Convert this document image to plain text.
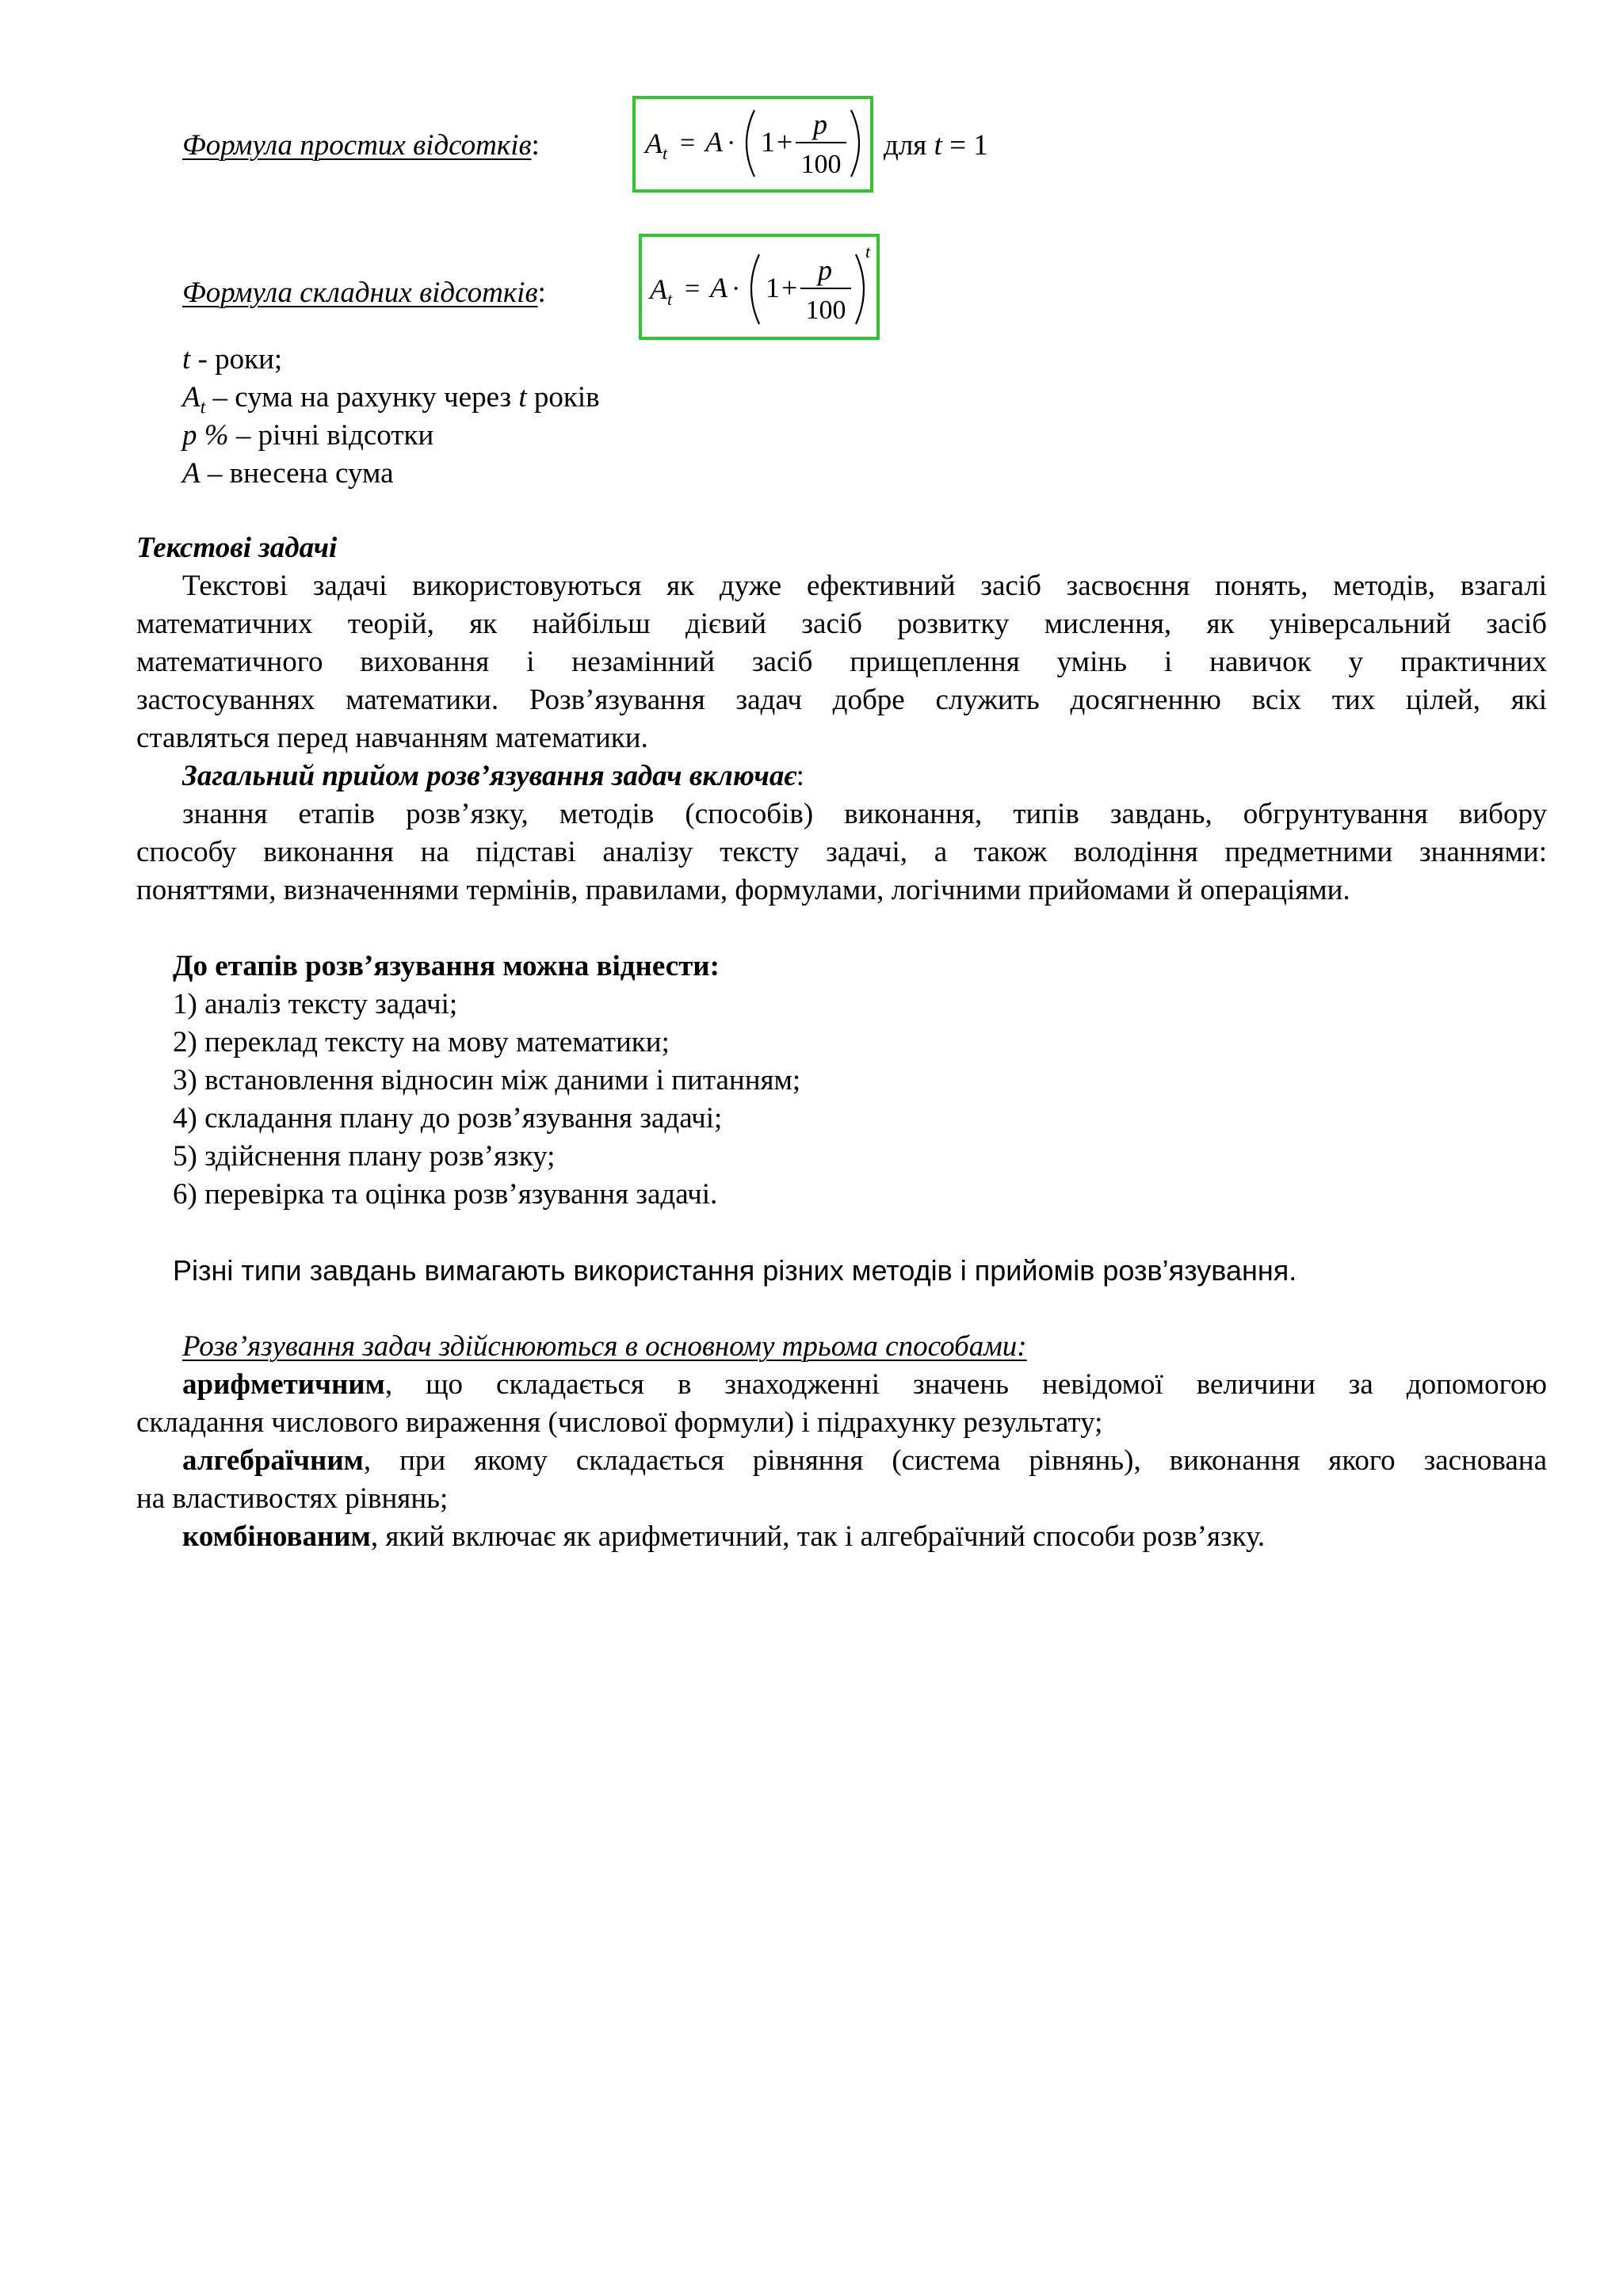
Формула простих відсотків:	A t = A · 1 +
p
100
для t = 1
Формула складних відсотків:	A t = A · 1 +
p
100
t
t - роки;
$A_t$ – сума на рахунку через t років
p % – річні відсотки
A – внесена сума
Текстові задачі
Текстові задачі використовуються як дуже ефективний засіб засвоєння понять, методів, взагалі
математичних теорій, як найбільш дієвий засіб розвитку мислення, як універсальний засіб
математичного виховання і незамінний засіб прищеплення умінь і навичок у практичних
застосуваннях математики. Розв’язування задач добре служить досягненню всіх тих цілей, які
ставляться перед навчанням математики.
Загальний прийом розв’язування задач включає:
знання етапів розв’язку, методів (способів) виконання, типів завдань, обгрунтування вибору
способу виконання на підставі аналізу тексту задачі, а також володіння предметними знаннями:
поняттями, визначеннями термінів, правилами, формулами, логічними прийомами й операціями.
До етапів розв’язування можна віднести:
1) аналіз тексту задачі;
2) переклад тексту на мову математики;
3) встановлення відносин між даними і питанням;
4) складання плану до розв’язування задачі;
5) здійснення плану розв’язку;
6) перевірка та оцінка розв’язування задачі.
Різні типи завдань вимагають використання різних методів і прийомів розв’язування.
Розв’язування задач здійснюються в основному трьома способами:
арифметичним, що складається в знаходженні значень невідомої величини за допомогою
складання числового вираження (числової формули) і підрахунку результату;
алгебраїчним, при якому складається рівняння (система рівнянь), виконання якого заснована
на властивостях рівнянь;
комбінованим, який включає як арифметичний, так і алгебраїчний способи розв’язку.
